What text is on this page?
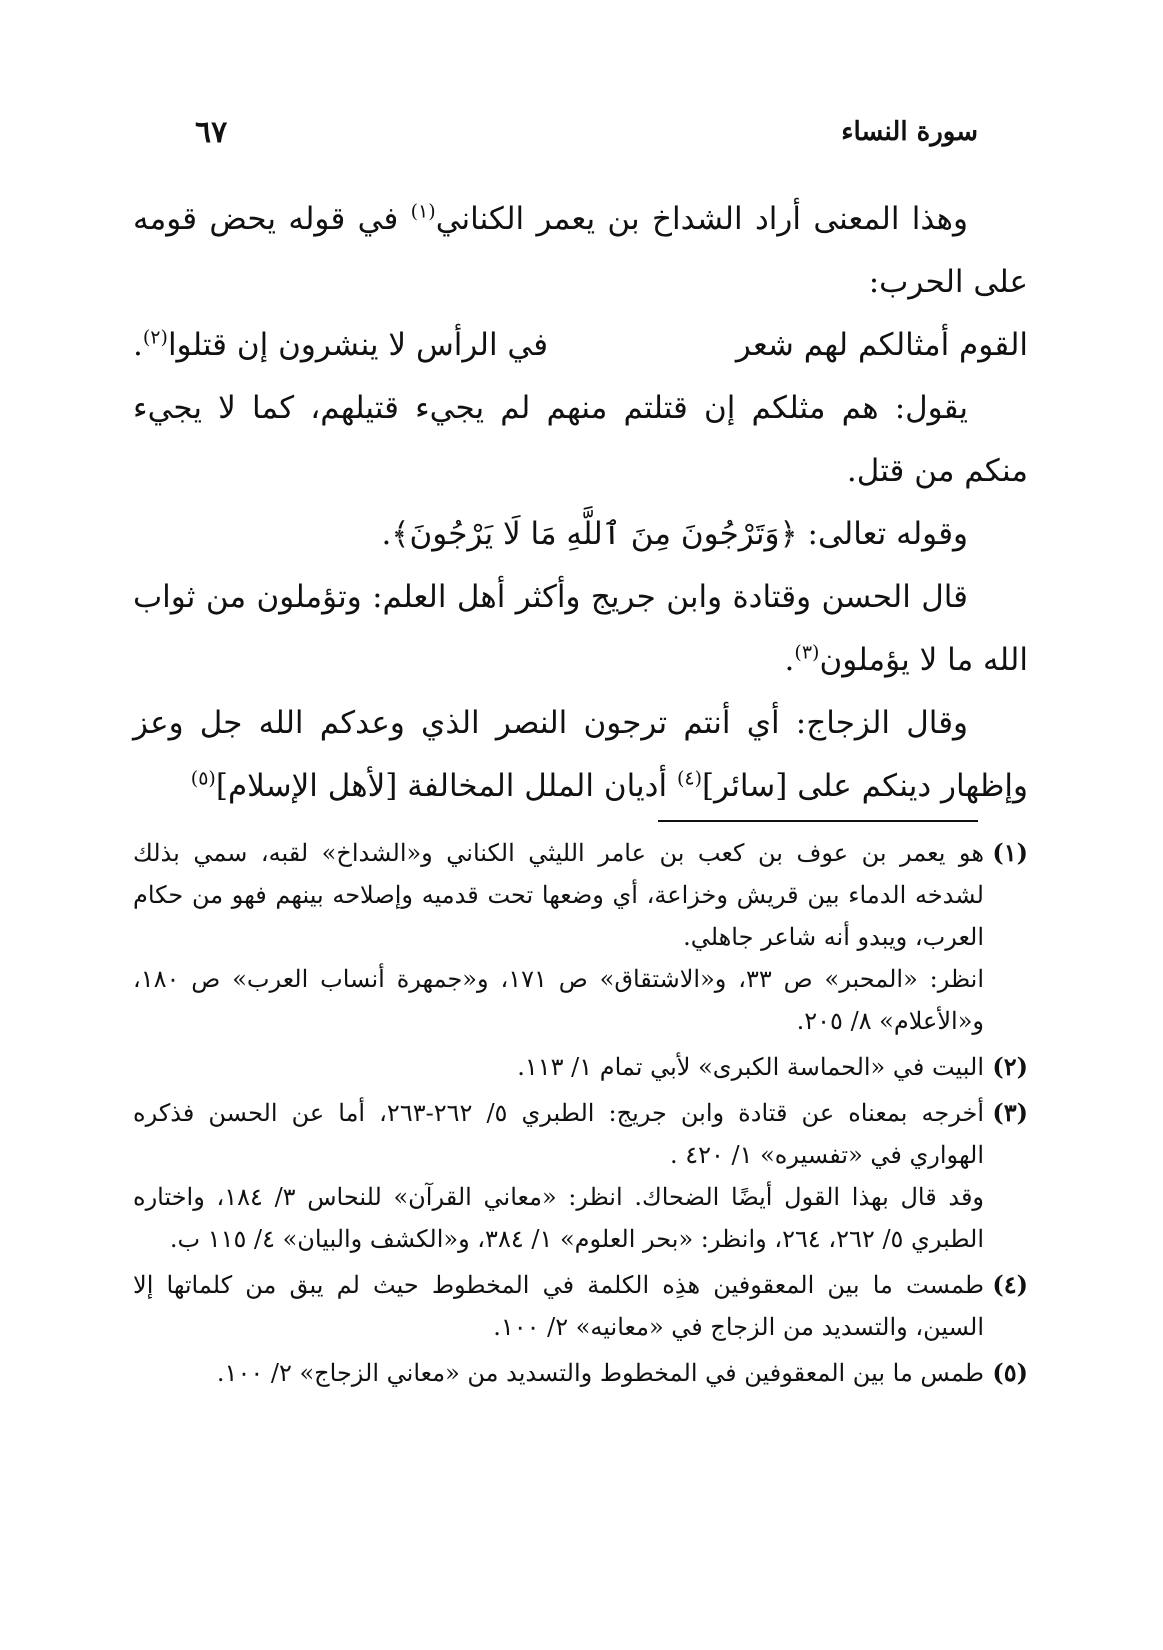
٦٧	سورة النساء

وهذا المعنى أراد الشداخ بن يعمر الكناني$^{(١)}$ في قوله يحض قومه على الحرب:

القوم أمثالكم لهم شعر
في الرأس لا ينشرون إن قتلوا$^{(٢)}$.

يقول: هم مثلكم إن قتلتم منهم لم يجيء قتيلهم، كما لا يجيء منكم من قتل.

وقوله تعالى: ﴿وَتَرْجُونَ مِنَ ٱللَّهِ مَا لَا يَرْجُونَ﴾.

قال الحسن وقتادة وابن جريج وأكثر أهل العلم: وتؤملون من ثواب الله ما لا يؤملون$^{(٣)}$.

وقال الزجاج: أي أنتم ترجون النصر الذي وعدكم الله جل وعز وإظهار دينكم على [سائر]$^{(٤)}$ أديان الملل المخالفة [لأهل الإسلام]$^{(٥)}$

(١)
هو يعمر بن عوف بن كعب بن عامر الليثي الكناني و«الشداخ» لقبه، سمي بذلك لشدخه الدماء بين قريش وخزاعة، أي وضعها تحت قدميه وإصلاحه بينهم فهو من حكام العرب، ويبدو أنه شاعر جاهلي.
انظر: «المحبر» ص ٣٣، و«الاشتقاق» ص ١٧١، و«جمهرة أنساب العرب» ص ١٨٠، و«الأعلام» ٨/ ٢٠٥.
(٢)
البيت في «الحماسة الكبرى» لأبي تمام ١/ ١١٣.
(٣)
أخرجه بمعناه عن قتادة وابن جريج: الطبري ٥/ ٢٦٢-٢٦٣، أما عن الحسن فذكره الهواري في «تفسيره» ١/ ٤٢٠ .
وقد قال بهذا القول أيضًا الضحاك. انظر: «معاني القرآن» للنحاس ٣/ ١٨٤، واختاره الطبري ٥/ ٢٦٢، ٢٦٤، وانظر: «بحر العلوم» ١/ ٣٨٤، و«الكشف والبيان» ٤/ ١١٥ ب.
(٤)
طمست ما بين المعقوفين هذِه الكلمة في المخطوط حيث لم يبق من كلماتها إلا السين، والتسديد من الزجاج في «معانيه» ٢/ ١٠٠.
(٥)
طمس ما بين المعقوفين في المخطوط والتسديد من «معاني الزجاج» ٢/ ١٠٠.
